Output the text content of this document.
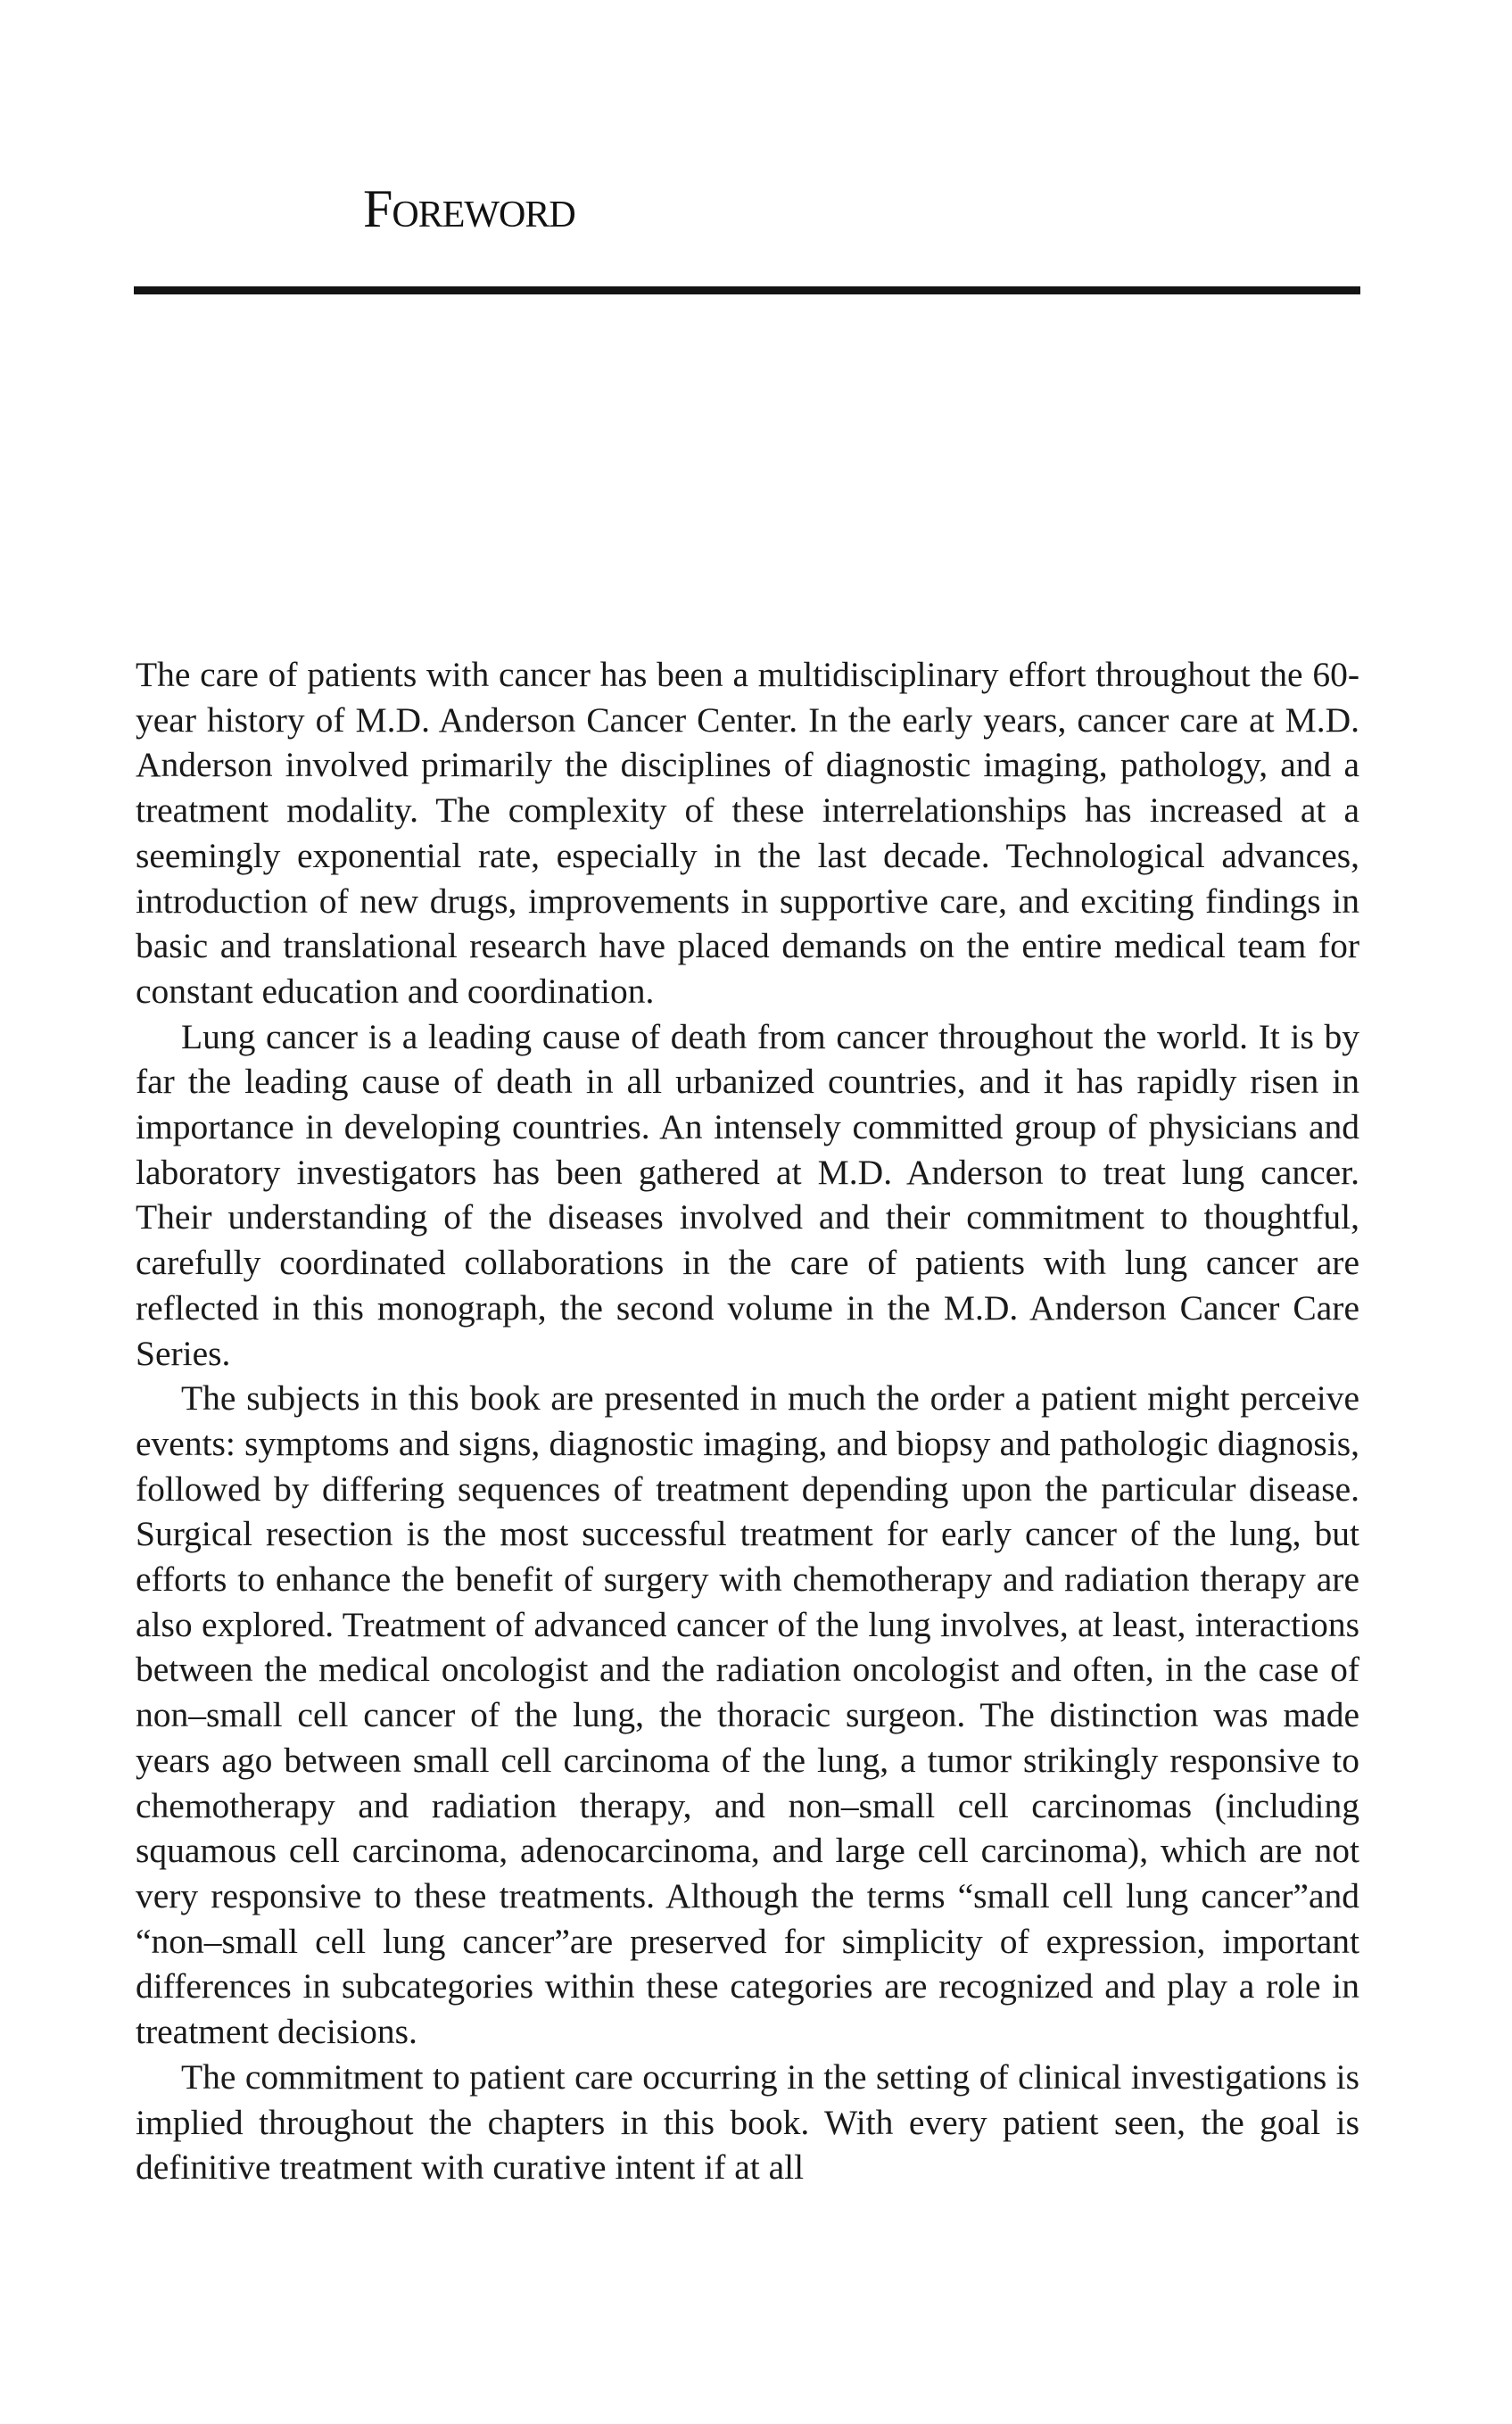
Foreword

The care of patients with cancer has been a multidisciplinary effort throughout the 60-year history of M.D. Anderson Cancer Center. In the early years, cancer care at M.D. Anderson involved primarily the disciplines of diagnostic imaging, pathology, and a treatment modality. The complexity of these interrelationships has increased at a seemingly exponential rate, especially in the last decade. Technological advances, introduction of new drugs, improvements in supportive care, and exciting findings in basic and translational research have placed demands on the entire medical team for constant education and coordination.

Lung cancer is a leading cause of death from cancer throughout the world. It is by far the leading cause of death in all urbanized countries, and it has rapidly risen in importance in developing countries. An intensely committed group of physicians and laboratory investigators has been gathered at M.D. Anderson to treat lung cancer. Their understanding of the diseases involved and their commitment to thoughtful, carefully coordinated collaborations in the care of patients with lung cancer are reflected in this monograph, the second volume in the M.D. Anderson Cancer Care Series.

The subjects in this book are presented in much the order a patient might perceive events: symptoms and signs, diagnostic imaging, and biopsy and pathologic diagnosis, followed by differing sequences of treatment depending upon the particular disease. Surgical resection is the most successful treatment for early cancer of the lung, but efforts to enhance the benefit of surgery with chemotherapy and radiation therapy are also explored. Treatment of advanced cancer of the lung involves, at least, interactions between the medical oncologist and the radiation oncologist and often, in the case of non–small cell cancer of the lung, the thoracic surgeon. The distinction was made years ago between small cell carcinoma of the lung, a tumor strikingly responsive to chemotherapy and radiation therapy, and non–small cell carcinomas (including squamous cell carcinoma, adenocarcinoma, and large cell carcinoma), which are not very responsive to these treatments. Although the terms “small cell lung cancer”and “non–small cell lung cancer”are preserved for simplicity of expression, important differences in subcategories within these categories are recognized and play a role in treatment decisions.

The commitment to patient care occurring in the setting of clinical investigations is implied throughout the chapters in this book. With every patient seen, the goal is definitive treatment with curative intent if at all
